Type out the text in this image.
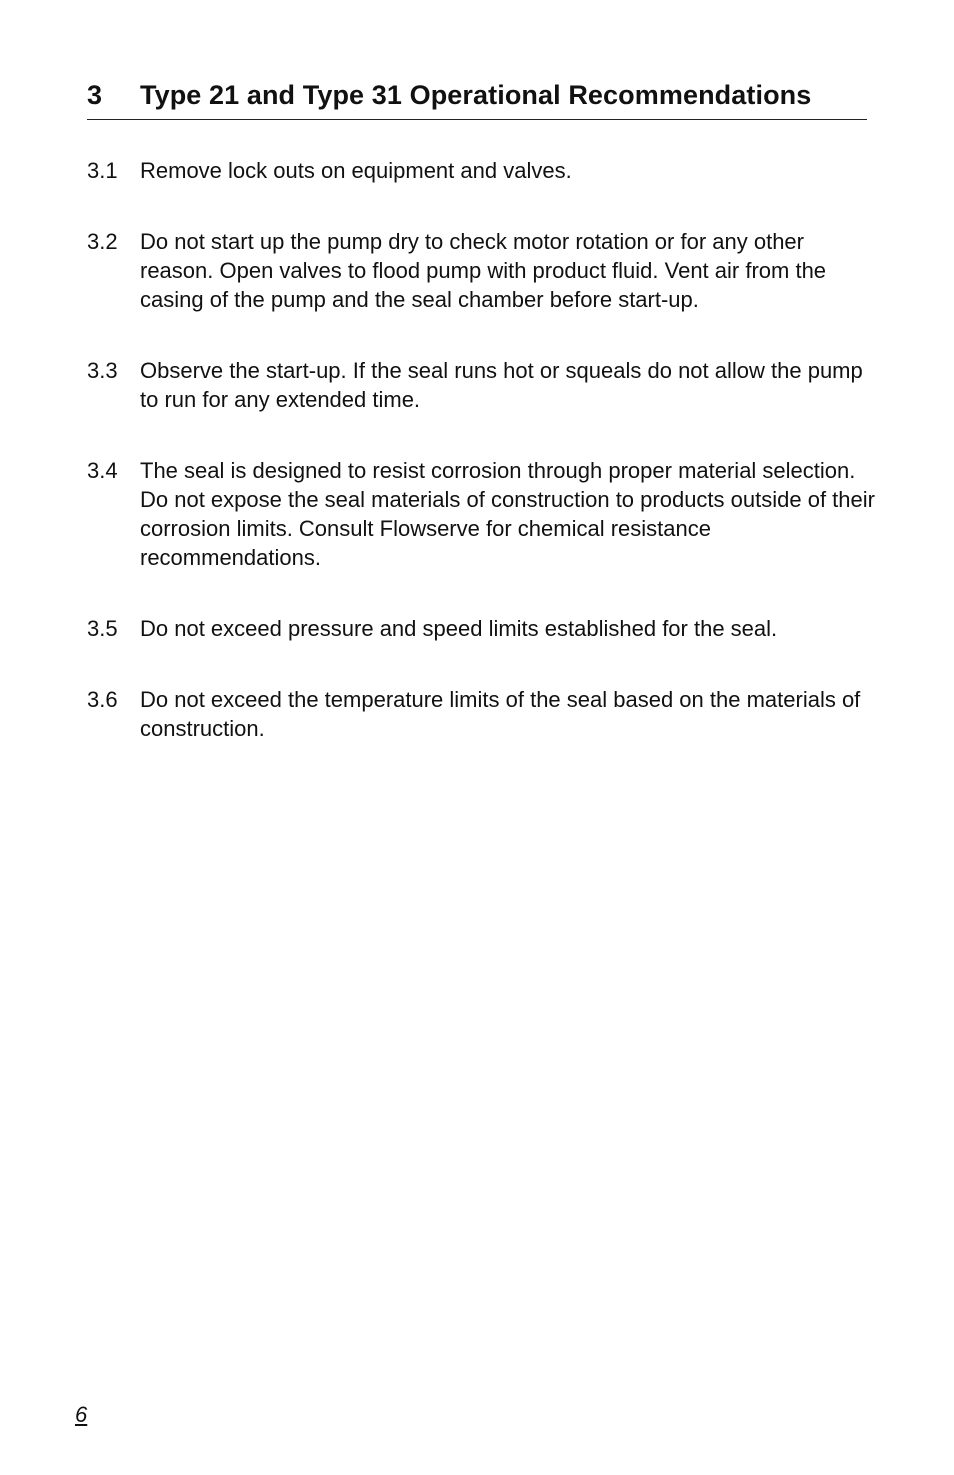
3	Type 21 and Type 31 Operational Recommendations
3.1	Remove lock outs on equipment and valves.
3.2	Do not start up the pump dry to check motor rotation or for any other reason. Open valves to flood pump with product fluid. Vent air from the casing of the pump and the seal chamber before start-up.
3.3	Observe the start-up. If the seal runs hot or squeals do not allow the pump to run for any extended time.
3.4	The seal is designed to resist corrosion through proper material selection. Do not expose the seal materials of construction to products outside of their corrosion limits. Consult Flowserve for chemical resistance recommendations.
3.5	Do not exceed pressure and speed limits established for the seal.
3.6	Do not exceed the temperature limits of the seal based on the materials of construction.
6
